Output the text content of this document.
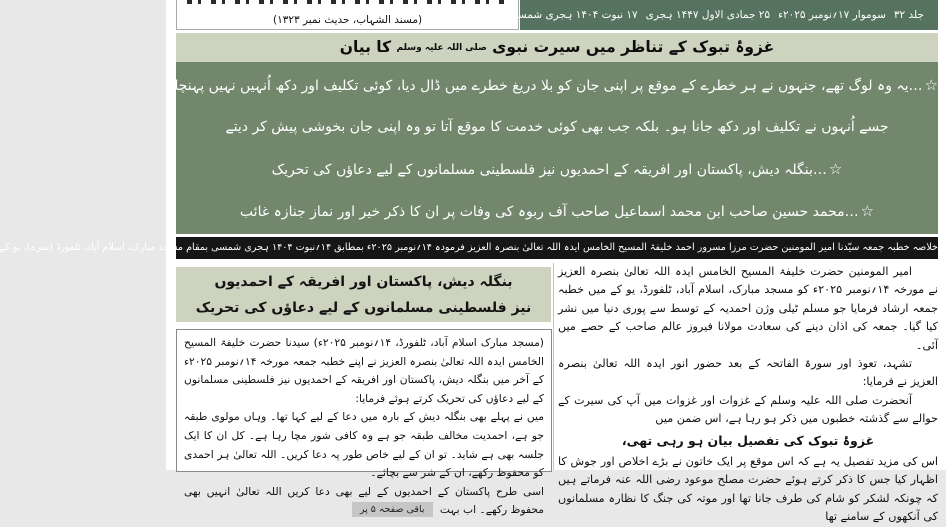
(مسند الشہاب، حدیث نمبر ۱۳۲۳)	جلد ۳۲
سوموار ۱۷؍نومبر ۲۰۲۵ء
۲۵ جمادی الاول ۱۴۴۷ ہجری
۱۷ نبوت ۱۴۰۴ ہجری شمسی
شمارہ ۲۶۲
غزوۂ تبوک کے تناظر میں سیرت نبوی صلی اللہ علیہ وسلم کا بیان
☆…یہ وہ لوگ تھے، جنہوں نے ہر خطرے کے موقع پر اپنی جان کو بلا دریغ خطرے میں ڈال دیا، کوئی تکلیف اور دکھ اُنہیں نہیں پہنچا،
جسے اُنہوں نے تکلیف اور دکھ جانا ہو۔ بلکہ جب بھی کوئی خدمت کا موقع آتا تو وہ اپنی جان بخوشی پیش کر دیتے
☆…بنگلہ دیش، پاکستان اور افریقہ کے احمدیوں نیز فلسطینی مسلمانوں کے لیے دعاؤں کی تحریک
☆…محمد حسین صاحب ابن محمد اسماعیل صاحب آف ربوہ کی وفات پر ان کا ذکر خیر اور نماز جنازہ غائب
خلاصہ خطبہ جمعہ سیّدنا امیر المومنین حضرت مرزا مسرور احمد خلیفۃ المسیح الخامس ایدہ اللہ تعالیٰ بنصرہ العزیز فرمودہ ۱۴؍نومبر ۲۰۲۵ء بمطابق ۱۴؍نبوت ۱۴۰۴ ہجری شمسی بمقام مسجد مبارک، اسلام آباد، ٹلفورڈ (سرے)، یو کے
بنگلہ دیش، پاکستان اور افریقہ کے احمدیوں
نیز فلسطینی مسلمانوں کے لیے دعاؤں کی تحریک

(مسجد مبارک اسلام آباد، ٹلفورڈ، ۱۴؍نومبر ۲۰۲۵ء) سیدنا حضرت خلیفۃ المسیح الخامس ایدہ اللہ تعالیٰ بنصرہ العزیز نے اپنے خطبہ جمعہ مورخہ ۱۴؍نومبر ۲۰۲۵ء کے آخر میں بنگلہ دیش، پاکستان اور افریقہ کے احمدیوں نیز فلسطینی مسلمانوں کے لیے دعاؤں کی تحریک کرتے ہوئے فرمایا:

میں نے پہلے بھی بنگلہ دیش کے بارہ میں دعا کے لیے کہا تھا۔ وہاں مولوی طبقہ جو ہے، احمدیت مخالف طبقہ جو ہے وہ کافی شور مچا رہا ہے۔ کل ان کا ایک جلسہ بھی ہے شاید۔ تو ان کے لیے خاص طور پہ دعا کریں۔ اللہ تعالیٰ ہر احمدی کو محفوظ رکھے، ان کے شر سے بچائے۔

اسی طرح پاکستان کے احمدیوں کے لیے بھی دعا کریں اللہ تعالیٰ انہیں بھی محفوظ رکھے۔ اب بہت باقی صفحہ ۵ پر

امیر المومنین حضرت خلیفۃ المسیح الخامس ایدہ اللہ تعالیٰ بنصرہ العزیز نے مورخہ ۱۴؍نومبر ۲۰۲۵ء کو مسجد مبارک، اسلام آباد، ٹلفورڈ، یو کے میں خطبہ جمعہ ارشاد فرمایا جو مسلم ٹیلی وژن احمدیہ کے توسط سے پوری دنیا میں نشر کیا گیا۔ جمعہ کی اذان دینے کی سعادت مولانا فیروز عالم صاحب کے حصے میں آئی۔

تشہد، تعوذ اور سورۃ الفاتحہ کے بعد حضور انور ایدہ اللہ تعالیٰ بنصرہ العزیز نے فرمایا:

آنحضرت صلی اللہ علیہ وسلم کے غزوات اور غزوات میں آپ کی سیرت کے حوالے سے گذشتہ خطبوں میں ذکر ہو رہا ہے، اس ضمن میں

غزوۂ تبوک کی تفصیل بیان ہو رہی تھی،

اس کی مزید تفصیل یہ ہے کہ اس موقع پر ایک خاتون نے بڑے اخلاص اور جوش کا اظہار کیا جس کا ذکر کرتے ہوئے حضرت مصلح موعود رضی اللہ عنہ فرماتے ہیں کہ چونکہ لشکر کو شام کی طرف جانا تھا اور موتہ کی جنگ کا نظارہ مسلمانوں کی آنکھوں کے سامنے تھا
